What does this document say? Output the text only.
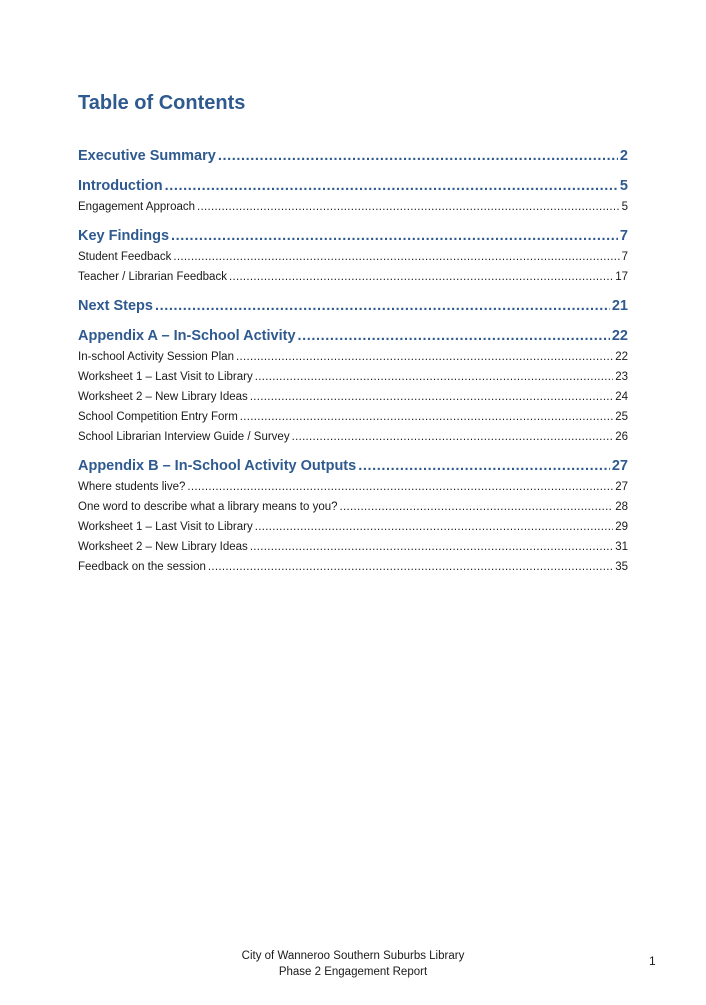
Table of Contents
Executive Summary .....	2
Introduction .....	5
Engagement Approach .....	5
Key Findings .....	7
Student Feedback .....	7
Teacher / Librarian Feedback .....	17
Next Steps .....	21
Appendix A – In-School Activity .....	22
In-school Activity Session Plan .....	22
Worksheet 1 – Last Visit to Library .....	23
Worksheet 2 – New Library Ideas .....	24
School Competition Entry Form .....	25
School Librarian Interview Guide / Survey .....	26
Appendix B – In-School Activity Outputs .....	27
Where students live? .....	27
One word to describe what a library means to you? .....	28
Worksheet 1 – Last Visit to Library .....	29
Worksheet 2 – New Library Ideas .....	31
Feedback on the session .....	35
City of Wanneroo Southern Suburbs Library
Phase 2 Engagement Report
1
